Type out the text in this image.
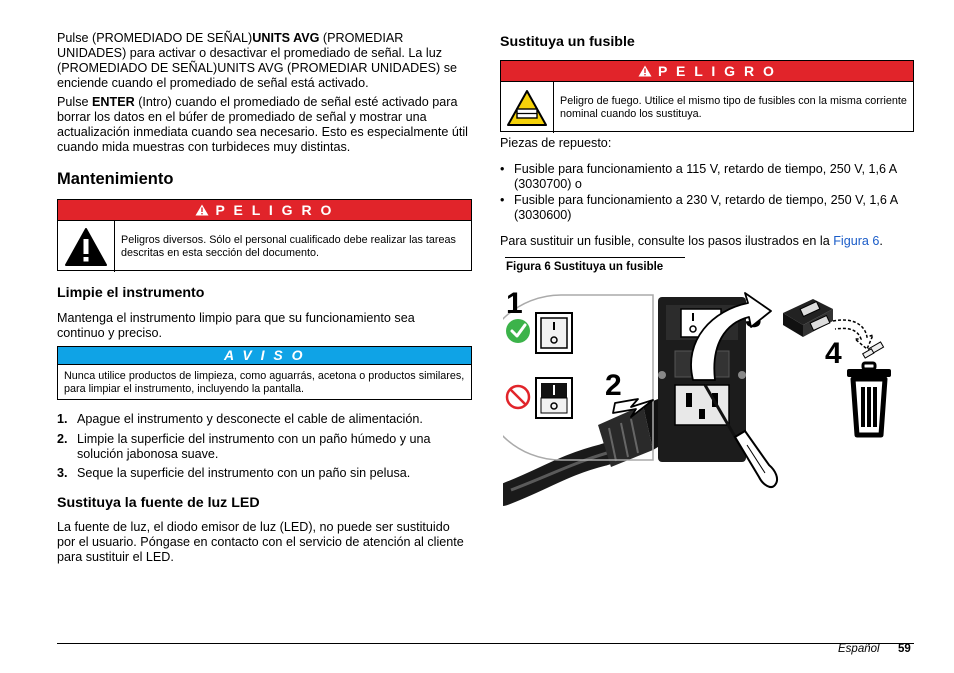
Pulse (PROMEDIADO DE SEÑAL)UNITS AVG (PROMEDIAR UNIDADES) para activar o desactivar el promediado de señal. La luz (PROMEDIADO DE SEÑAL)UNITS AVG (PROMEDIAR UNIDADES) se enciende cuando el promediado de señal está activado.

Pulse ENTER (Intro) cuando el promediado de señal esté activado para borrar los datos en el búfer de promediado de señal y mostrar una actualización inmediata cuando sea necesario. Esto es especialmente útil cuando mida muestras con turbideces muy distintas.

Mantenimiento
P E L I G R O
Peligros diversos. Sólo el personal cualificado debe realizar las tareas descritas en esta sección del documento.
Limpie el instrumento

Mantenga el instrumento limpio para que su funcionamiento sea continuo y preciso.

A V I S O
Nunca utilice productos de limpieza, como aguarrás, acetona o productos similares, para limpiar el instrumento, incluyendo la pantalla.
1. Apague el instrumento y desconecte el cable de alimentación.
2. Limpie la superficie del instrumento con un paño húmedo y una solución jabonosa suave.
3. Seque la superficie del instrumento con un paño sin pelusa.
Sustituya la fuente de luz LED

La fuente de luz, el diodo emisor de luz (LED), no puede ser sustituido por el usuario. Póngase en contacto con el servicio de atención al cliente para sustituir el LED.

Sustituya un fusible
P E L I G R O
Peligro de fuego. Utilice el mismo tipo de fusibles con la misma corriente nominal cuando los sustituya.

Piezas de repuesto:

• Fusible para funcionamiento a 115 V, retardo de tiempo, 250 V, 1,6 A (3030700) o
• Fusible para funcionamiento a 230 V, retardo de tiempo, 250 V, 1,6 A (3030600)

Para sustituir un fusible, consulte los pasos ilustrados en la Figura 6.

Figura 6 Sustituya un fusible
1
2
4
Español 59
